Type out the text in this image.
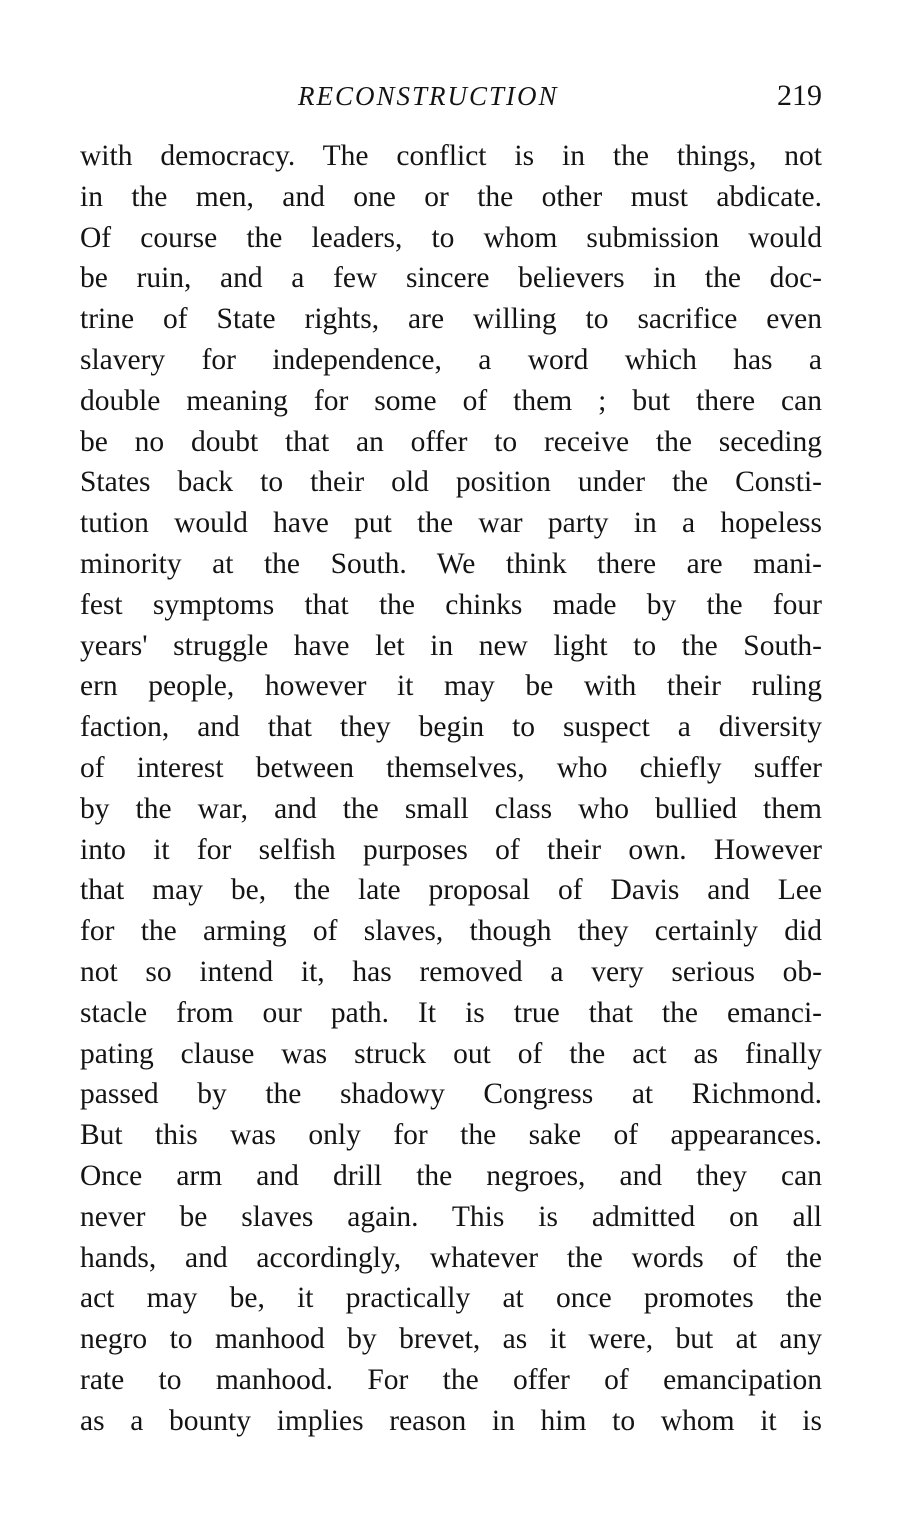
RECONSTRUCTION	219
with democracy. The conflict is in the things, not
in the men, and one or the other must abdicate.
Of course the leaders, to whom submission would
be ruin, and a few sincere believers in the doc-
trine of State rights, are willing to sacrifice even
slavery for independence, a word which has a
double meaning for some of them ; but there can
be no doubt that an offer to receive the seceding
States back to their old position under the Consti-
tution would have put the war party in a hopeless
minority at the South. We think there are mani-
fest symptoms that the chinks made by the four
years' struggle have let in new light to the South-
ern people, however it may be with their ruling
faction, and that they begin to suspect a diversity
of interest between themselves, who chiefly suffer
by the war, and the small class who bullied them
into it for selfish purposes of their own. However
that may be, the late proposal of Davis and Lee
for the arming of slaves, though they certainly did
not so intend it, has removed a very serious ob-
stacle from our path. It is true that the emanci-
pating clause was struck out of the act as finally
passed by the shadowy Congress at Richmond.
But this was only for the sake of appearances.
Once arm and drill the negroes, and they can
never be slaves again. This is admitted on all
hands, and accordingly, whatever the words of the
act may be, it practically at once promotes the
negro to manhood by brevet, as it were, but at any
rate to manhood. For the offer of emancipation
as a bounty implies reason in him to whom it is
